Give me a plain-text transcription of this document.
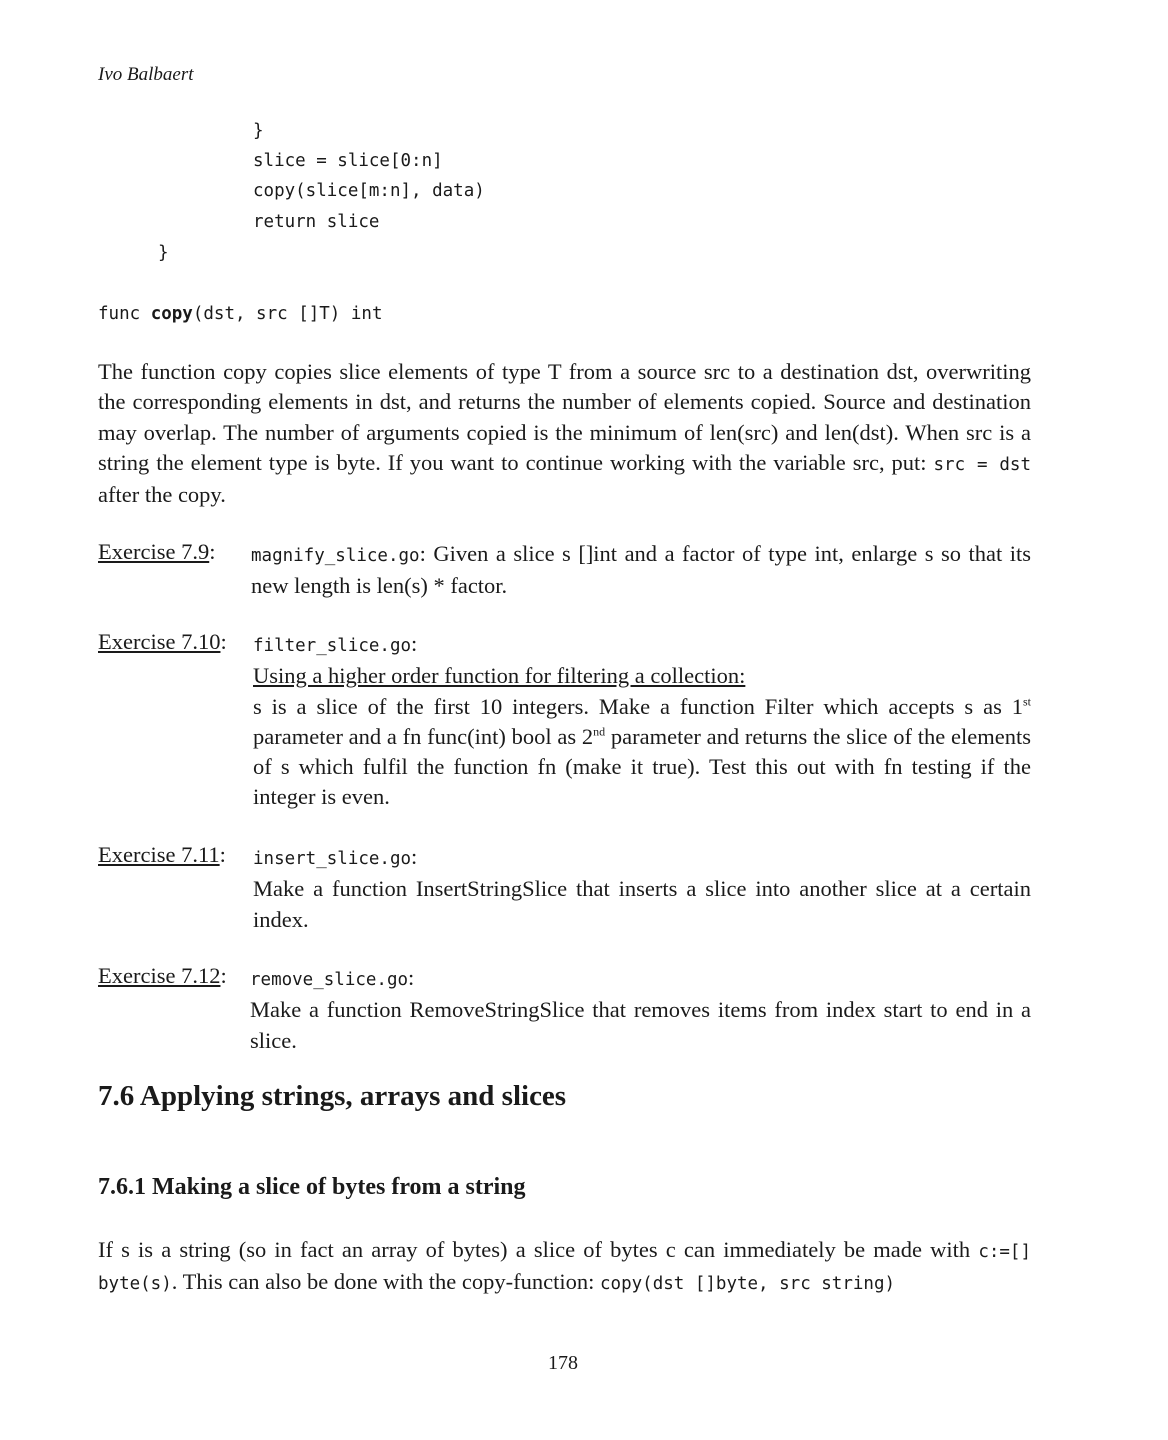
Ivo Balbaert
}
slice = slice[0:n]
copy(slice[m:n], data)
return slice
}
func copy(dst, src []T) int
The function copy copies slice elements of type T from a source src to a destination dst, overwriting the corresponding elements in dst, and returns the number of elements copied. Source and destination may overlap. The number of arguments copied is the minimum of len(src) and len(dst). When src is a string the element type is byte. If you want to continue working with the variable src, put: src = dst after the copy.
Exercise 7.9: magnify_slice.go: Given a slice s []int and a factor of type int, enlarge s so that its new length is len(s) * factor.
Exercise 7.10: filter_slice.go:
Using a higher order function for filtering a collection:
s is a slice of the first 10 integers. Make a function Filter which accepts s as 1st parameter and a fn func(int) bool as 2nd parameter and returns the slice of the elements of s which fulfil the function fn (make it true). Test this out with fn testing if the integer is even.
Exercise 7.11: insert_slice.go:
Make a function InsertStringSlice that inserts a slice into another slice at a certain index.
Exercise 7.12: remove_slice.go:
Make a function RemoveStringSlice that removes items from index start to end in a slice.
7.6 Applying strings, arrays and slices
7.6.1 Making a slice of bytes from a string
If s is a string (so in fact an array of bytes) a slice of bytes c can immediately be made with c:=[] byte(s). This can also be done with the copy-function: copy(dst []byte, src string)
178
